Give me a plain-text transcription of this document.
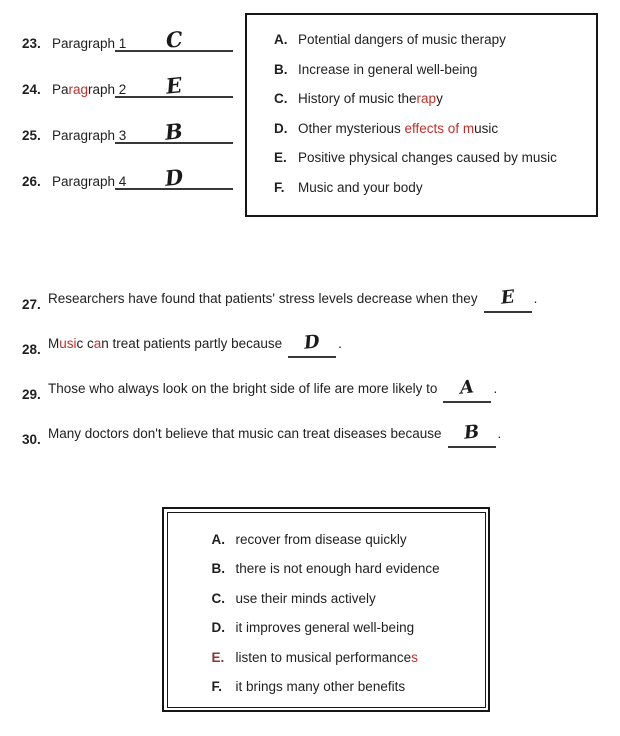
23. Paragraph 1	C
24. Paragraph 2	E
25. Paragraph 3	B
26. Paragraph 4	D
A. Potential dangers of music therapy
B. Increase in general well-being
C. History of music therapy
D. Other mysterious effects of music
E. Positive physical changes caused by music
F. Music and your body
27. Researchers have found that patients' stress levels decrease when they E .
28. Music can treat patients partly because D .
29. Those who always look on the bright side of life are more likely to A .
30. Many doctors don't believe that music can treat diseases because B .
A. recover from disease quickly
B. there is not enough hard evidence
C. use their minds actively
D. it improves general well-being
E. listen to musical performances
F. it brings many other benefits
